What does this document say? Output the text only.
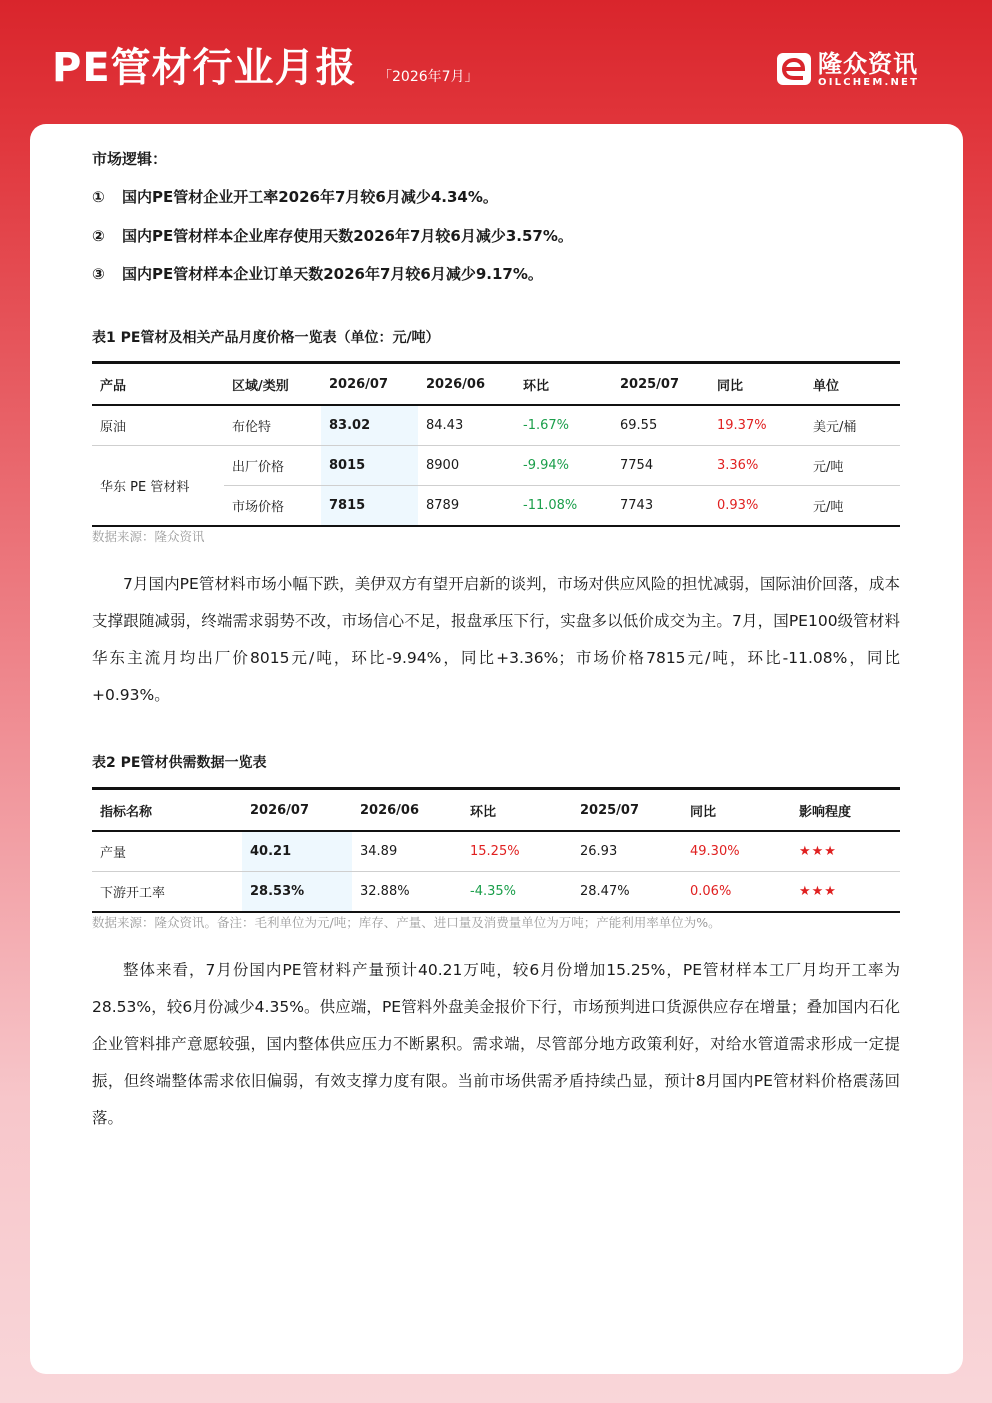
PE管材行业月报 「2026年7月」	隆众资讯
OILCHEM.NET
市场逻辑：
① 国内PE管材企业开工率2026年7月较6月减少4.34%。
② 国内PE管材样本企业库存使用天数2026年7月较6月减少3.57%。
③ 国内PE管材样本企业订单天数2026年7月较6月减少9.17%。
表1 PE管材及相关产品月度价格一览表（单位：元/吨）
产品	区域/类别	2026/07	2026/06	环比	2025/07	同比	单位
原油	布伦特	83.02	84.43	-1.67%	69.55	19.37%	美元/桶
华东 PE 管材料	出厂价格	8015	8900	-9.94%	7754	3.36%	元/吨
	市场价格	7815	8789	-11.08%	7743	0.93%	元/吨
数据来源：隆众资讯
7月国内PE管材料市场小幅下跌，美伊双方有望开启新的谈判，市场对供应风险的担忧减弱，国际油价回落，成本支撑跟随减弱，终端需求弱势不改，市场信心不足，报盘承压下行，实盘多以低价成交为主。7月，国PE100级管材料华东主流月均出厂价8015元/吨，环比-9.94%，同比+3.36%；市场价格7815元/吨，环比-11.08%，同比+0.93%。
表2 PE管材供需数据一览表
指标名称	2026/07	2026/06	环比	2025/07	同比	影响程度
产量	40.21	34.89	15.25%	26.93	49.30%	★★★
下游开工率	28.53%	32.88%	-4.35%	28.47%	0.06%	★★★
数据来源：隆众资讯。备注：毛利单位为元/吨；库存、产量、进口量及消费量单位为万吨；产能利用率单位为%。
整体来看，7月份国内PE管材料产量预计40.21万吨，较6月份增加15.25%，PE管材样本工厂月均开工率为28.53%，较6月份减少4.35%。供应端，PE管料外盘美金报价下行，市场预判进口货源供应存在增量；叠加国内石化企业管料排产意愿较强，国内整体供应压力不断累积。需求端，尽管部分地方政策利好，对给水管道需求形成一定提振，但终端整体需求依旧偏弱，有效支撑力度有限。当前市场供需矛盾持续凸显，预计8月国内PE管材料价格震荡回落。
